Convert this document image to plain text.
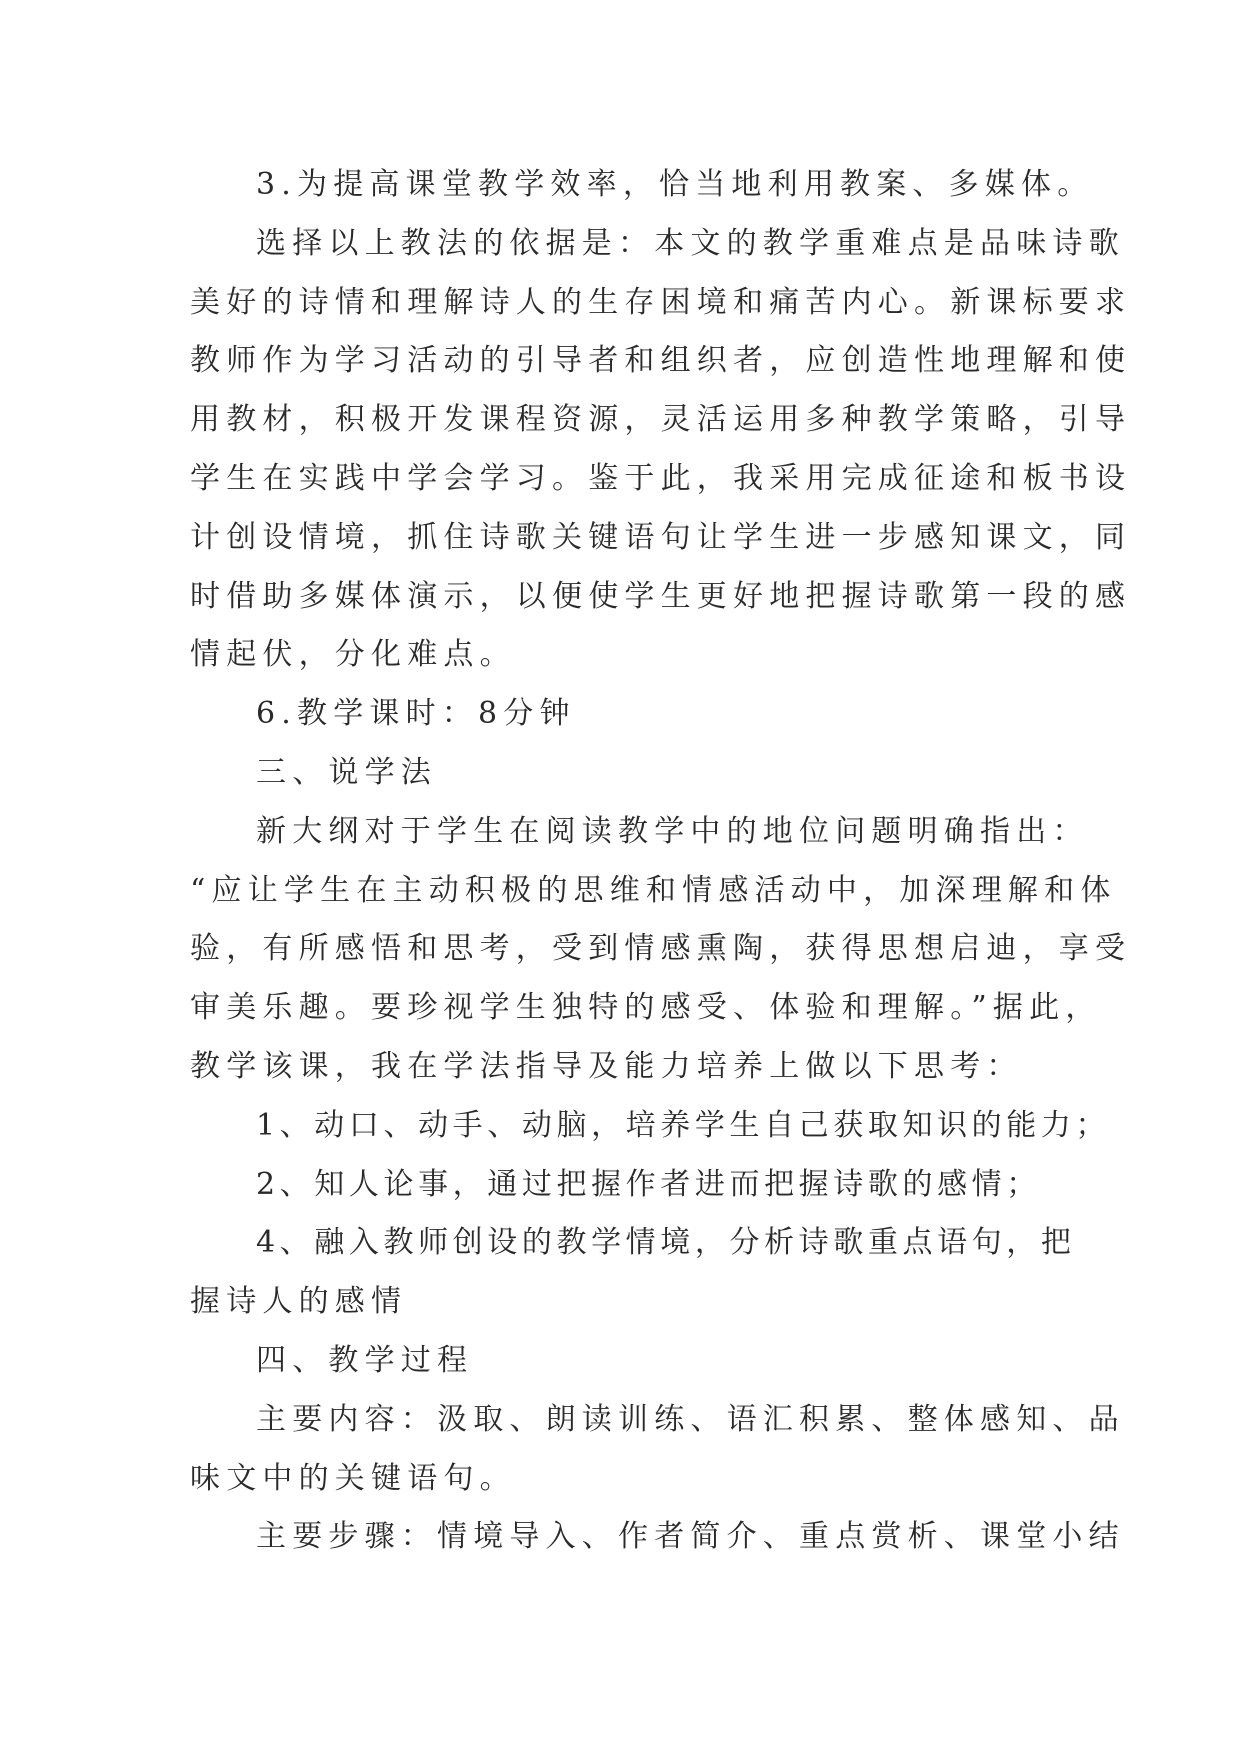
3.为提高课堂教学效率，恰当地利用教案、多媒体。
选择以上教法的依据是：本文的教学重难点是品味诗歌
美好的诗情和理解诗人的生存困境和痛苦内心。新课标要求
教师作为学习活动的引导者和组织者，应创造性地理解和使
用教材，积极开发课程资源，灵活运用多种教学策略，引导
学生在实践中学会学习。鉴于此，我采用完成征途和板书设
计创设情境，抓住诗歌关键语句让学生进一步感知课文，同
时借助多媒体演示，以便使学生更好地把握诗歌第一段的感
情起伏，分化难点。
6.教学课时：8分钟
三、说学法
新大纲对于学生在阅读教学中的地位问题明确指出：
“应让学生在主动积极的思维和情感活动中，加深理解和体
验，有所感悟和思考，受到情感熏陶，获得思想启迪，享受
审美乐趣。要珍视学生独特的感受、体验和理解。”据此，
教学该课，我在学法指导及能力培养上做以下思考：
1、动口、动手、动脑，培养学生自己获取知识的能力；
2、知人论事，通过把握作者进而把握诗歌的感情；
4、融入教师创设的教学情境，分析诗歌重点语句，把
握诗人的感情
四、教学过程
主要内容：汲取、朗读训练、语汇积累、整体感知、品
味文中的关键语句。
主要步骤：情境导入、作者简介、重点赏析、课堂小结
